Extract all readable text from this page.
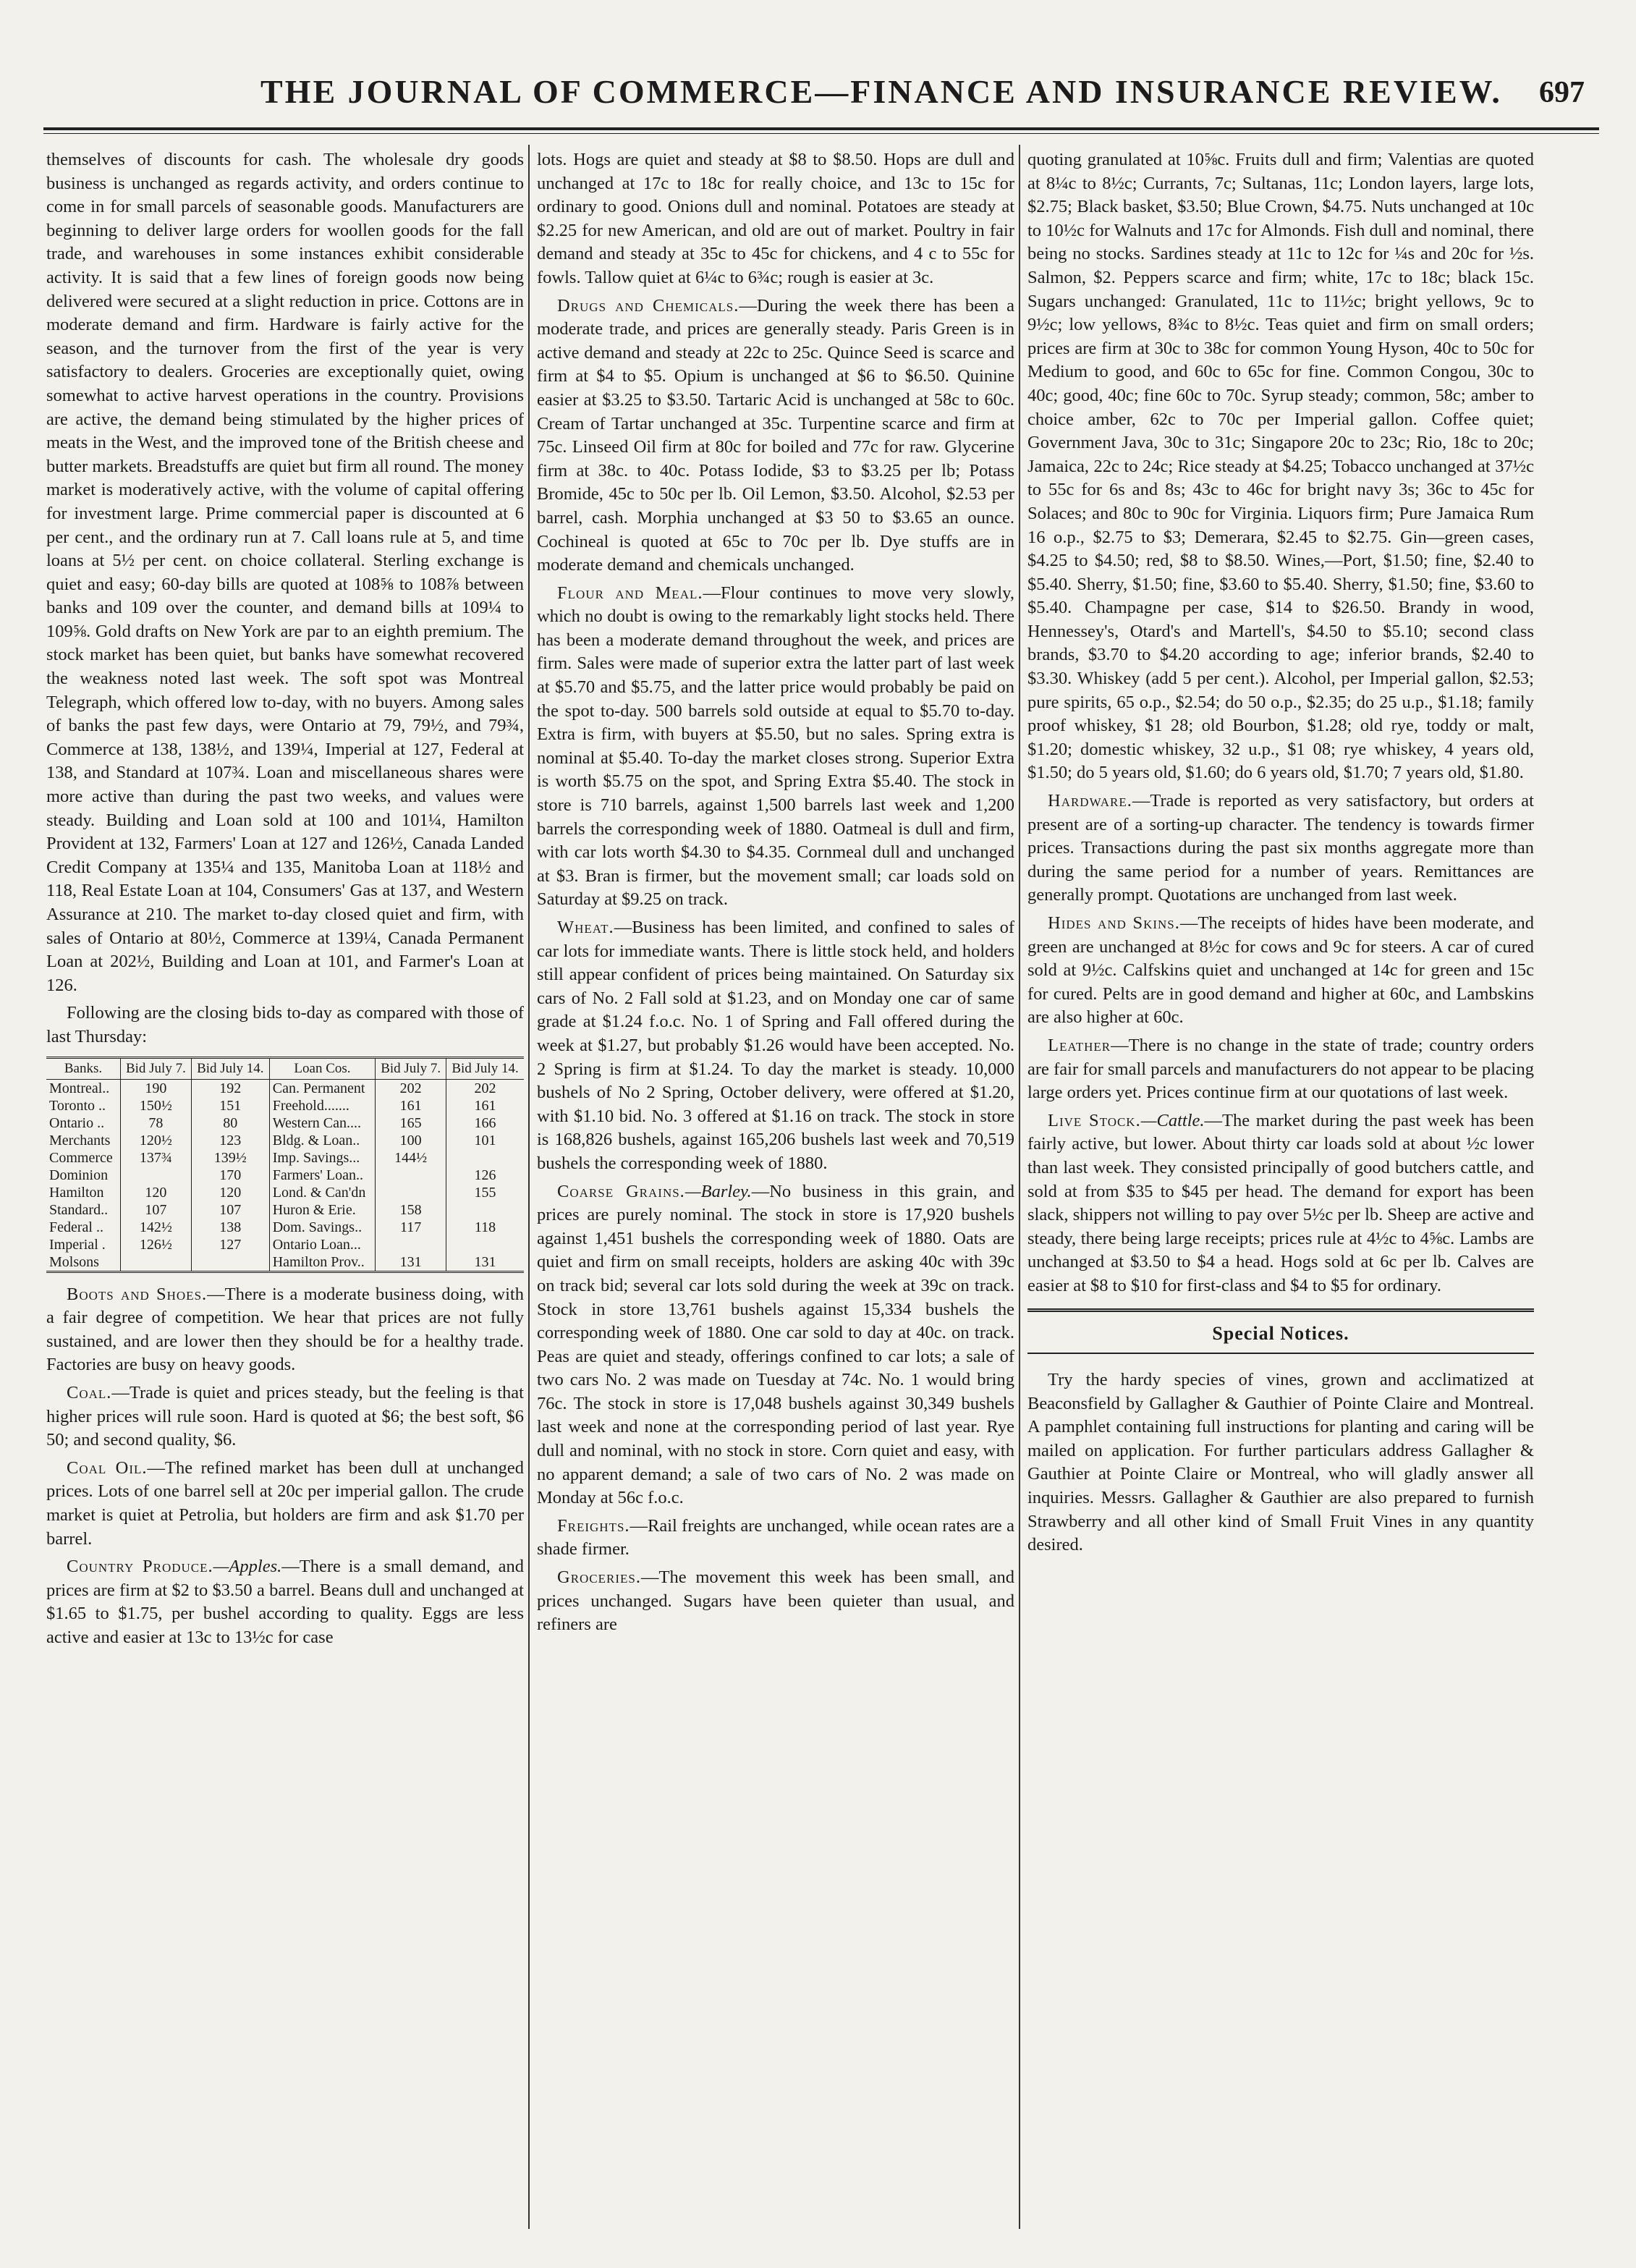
THE JOURNAL OF COMMERCE—FINANCE AND INSURANCE REVIEW. 697

themselves of discounts for cash. The wholesale dry goods business is unchanged as regards activity, and orders continue to come in for small parcels of seasonable goods. Manufacturers are beginning to deliver large orders for woollen goods for the fall trade, and warehouses in some instances exhibit considerable activity. It is said that a few lines of foreign goods now being delivered were secured at a slight reduction in price. Cottons are in moderate demand and firm. Hardware is fairly active for the season, and the turnover from the first of the year is very satisfactory to dealers. Groceries are exceptionally quiet, owing somewhat to active harvest operations in the country. Provisions are active, the demand being stimulated by the higher prices of meats in the West, and the improved tone of the British cheese and butter markets. Breadstuffs are quiet but firm all round. The money market is moderatively active, with the volume of capital offering for investment large. Prime commercial paper is discounted at 6 per cent., and the ordinary run at 7. Call loans rule at 5, and time loans at 5½ per cent. on choice collateral. Sterling exchange is quiet and easy; 60-day bills are quoted at 108⅝ to 108⅞ between banks and 109 over the counter, and demand bills at 109¼ to 109⅝. Gold drafts on New York are par to an eighth premium. The stock market has been quiet, but banks have somewhat recovered the weakness noted last week. The soft spot was Montreal Telegraph, which offered low to-day, with no buyers. Among sales of banks the past few days, were Ontario at 79, 79½, and 79¾, Commerce at 138, 138½, and 139¼, Imperial at 127, Federal at 138, and Standard at 107¾. Loan and miscellaneous shares were more active than during the past two weeks, and values were steady. Building and Loan sold at 100 and 101¼, Hamilton Provident at 132, Farmers' Loan at 127 and 126½, Canada Landed Credit Company at 135¼ and 135, Manitoba Loan at 118½ and 118, Real Estate Loan at 104, Consumers' Gas at 137, and Western Assurance at 210. The market to-day closed quiet and firm, with sales of Ontario at 80½, Commerce at 139¼, Canada Permanent Loan at 202½, Building and Loan at 101, and Farmer's Loan at 126.

Following are the closing bids to-day as compared with those of last Thursday:

Banks.	Bid July 7.	Bid July 14.	Loan Cos.	Bid July 7.	Bid July 14.
Montreal..	190	192	Can. Permanent	202	202
Toronto ..	150½	151	Freehold.......	161	161
Ontario ..	78	80	Western Can....	165	166
Merchants	120½	123	Bldg. & Loan..	100	101
Commerce	137¾	139½	Imp. Savings...	144½	
Dominion		170	Farmers' Loan..		126
Hamilton	120	120	Lond. & Can'dn		155
Standard..	107	107	Huron & Erie.	158	
Federal ..	142½	138	Dom. Savings..	117	118
Imperial .	126½	127	Ontario Loan...		
Molsons			Hamilton Prov..	131	131

Boots and Shoes.—There is a moderate business doing, with a fair degree of competition. We hear that prices are not fully sustained, and are lower then they should be for a healthy trade. Factories are busy on heavy goods.

Coal.—Trade is quiet and prices steady, but the feeling is that higher prices will rule soon. Hard is quoted at $6; the best soft, $6 50; and second quality, $6.

Coal Oil.—The refined market has been dull at unchanged prices. Lots of one barrel sell at 20c per imperial gallon. The crude market is quiet at Petrolia, but holders are firm and ask $1.70 per barrel.

Country Produce.—Apples.—There is a small demand, and prices are firm at $2 to $3.50 a barrel. Beans dull and unchanged at $1.65 to $1.75, per bushel according to quality. Eggs are less active and easier at 13c to 13½c for case

lots. Hogs are quiet and steady at $8 to $8.50. Hops are dull and unchanged at 17c to 18c for really choice, and 13c to 15c for ordinary to good. Onions dull and nominal. Potatoes are steady at $2.25 for new American, and old are out of market. Poultry in fair demand and steady at 35c to 45c for chickens, and 4 c to 55c for fowls. Tallow quiet at 6¼c to 6¾c; rough is easier at 3c.

Drugs and Chemicals.—During the week there has been a moderate trade, and prices are generally steady. Paris Green is in active demand and steady at 22c to 25c. Quince Seed is scarce and firm at $4 to $5. Opium is unchanged at $6 to $6.50. Quinine easier at $3.25 to $3.50. Tartaric Acid is unchanged at 58c to 60c. Cream of Tartar unchanged at 35c. Turpentine scarce and firm at 75c. Linseed Oil firm at 80c for boiled and 77c for raw. Glycerine firm at 38c. to 40c. Potass Iodide, $3 to $3.25 per lb; Potass Bromide, 45c to 50c per lb. Oil Lemon, $3.50. Alcohol, $2.53 per barrel, cash. Morphia unchanged at $3 50 to $3.65 an ounce. Cochineal is quoted at 65c to 70c per lb. Dye stuffs are in moderate demand and chemicals unchanged.

Flour and Meal.—Flour continues to move very slowly, which no doubt is owing to the remarkably light stocks held. There has been a moderate demand throughout the week, and prices are firm. Sales were made of superior extra the latter part of last week at $5.70 and $5.75, and the latter price would probably be paid on the spot to-day. 500 barrels sold outside at equal to $5.70 to-day. Extra is firm, with buyers at $5.50, but no sales. Spring extra is nominal at $5.40. To-day the market closes strong. Superior Extra is worth $5.75 on the spot, and Spring Extra $5.40. The stock in store is 710 barrels, against 1,500 barrels last week and 1,200 barrels the corresponding week of 1880. Oatmeal is dull and firm, with car lots worth $4.30 to $4.35. Cornmeal dull and unchanged at $3. Bran is firmer, but the movement small; car loads sold on Saturday at $9.25 on track.

Wheat.—Business has been limited, and confined to sales of car lots for immediate wants. There is little stock held, and holders still appear confident of prices being maintained. On Saturday six cars of No. 2 Fall sold at $1.23, and on Monday one car of same grade at $1.24 f.o.c. No. 1 of Spring and Fall offered during the week at $1.27, but probably $1.26 would have been accepted. No. 2 Spring is firm at $1.24. To day the market is steady. 10,000 bushels of No 2 Spring, October delivery, were offered at $1.20, with $1.10 bid. No. 3 offered at $1.16 on track. The stock in store is 168,826 bushels, against 165,206 bushels last week and 70,519 bushels the corresponding week of 1880.

Coarse Grains.—Barley.—No business in this grain, and prices are purely nominal. The stock in store is 17,920 bushels against 1,451 bushels the corresponding week of 1880. Oats are quiet and firm on small receipts, holders are asking 40c with 39c on track bid; several car lots sold during the week at 39c on track. Stock in store 13,761 bushels against 15,334 bushels the corresponding week of 1880. One car sold to day at 40c. on track. Peas are quiet and steady, offerings confined to car lots; a sale of two cars No. 2 was made on Tuesday at 74c. No. 1 would bring 76c. The stock in store is 17,048 bushels against 30,349 bushels last week and none at the corresponding period of last year. Rye dull and nominal, with no stock in store. Corn quiet and easy, with no apparent demand; a sale of two cars of No. 2 was made on Monday at 56c f.o.c.

Freights.—Rail freights are unchanged, while ocean rates are a shade firmer.

Groceries.—The movement this week has been small, and prices unchanged. Sugars have been quieter than usual, and refiners are

quoting granulated at 10⅝c. Fruits dull and firm; Valentias are quoted at 8¼c to 8½c; Currants, 7c; Sultanas, 11c; London layers, large lots, $2.75; Black basket, $3.50; Blue Crown, $4.75. Nuts unchanged at 10c to 10½c for Walnuts and 17c for Almonds. Fish dull and nominal, there being no stocks. Sardines steady at 11c to 12c for ¼s and 20c for ½s. Salmon, $2. Peppers scarce and firm; white, 17c to 18c; black 15c. Sugars unchanged: Granulated, 11c to 11½c; bright yellows, 9c to 9½c; low yellows, 8¾c to 8½c. Teas quiet and firm on small orders; prices are firm at 30c to 38c for common Young Hyson, 40c to 50c for Medium to good, and 60c to 65c for fine. Common Congou, 30c to 40c; good, 40c; fine 60c to 70c. Syrup steady; common, 58c; amber to choice amber, 62c to 70c per Imperial gallon. Coffee quiet; Government Java, 30c to 31c; Singapore 20c to 23c; Rio, 18c to 20c; Jamaica, 22c to 24c; Rice steady at $4.25; Tobacco unchanged at 37½c to 55c for 6s and 8s; 43c to 46c for bright navy 3s; 36c to 45c for Solaces; and 80c to 90c for Virginia. Liquors firm; Pure Jamaica Rum 16 o.p., $2.75 to $3; Demerara, $2.45 to $2.75. Gin—green cases, $4.25 to $4.50; red, $8 to $8.50. Wines,—Port, $1.50; fine, $2.40 to $5.40. Sherry, $1.50; fine, $3.60 to $5.40. Sherry, $1.50; fine, $3.60 to $5.40. Champagne per case, $14 to $26.50. Brandy in wood, Hennessey's, Otard's and Martell's, $4.50 to $5.10; second class brands, $3.70 to $4.20 according to age; inferior brands, $2.40 to $3.30. Whiskey (add 5 per cent.). Alcohol, per Imperial gallon, $2.53; pure spirits, 65 o.p., $2.54; do 50 o.p., $2.35; do 25 u.p., $1.18; family proof whiskey, $1 28; old Bourbon, $1.28; old rye, toddy or malt, $1.20; domestic whiskey, 32 u.p., $1 08; rye whiskey, 4 years old, $1.50; do 5 years old, $1.60; do 6 years old, $1.70; 7 years old, $1.80.

Hardware.—Trade is reported as very satisfactory, but orders at present are of a sorting-up character. The tendency is towards firmer prices. Transactions during the past six months aggregate more than during the same period for a number of years. Remittances are generally prompt. Quotations are unchanged from last week.

Hides and Skins.—The receipts of hides have been moderate, and green are unchanged at 8½c for cows and 9c for steers. A car of cured sold at 9½c. Calfskins quiet and unchanged at 14c for green and 15c for cured. Pelts are in good demand and higher at 60c, and Lambskins are also higher at 60c.

Leather—There is no change in the state of trade; country orders are fair for small parcels and manufacturers do not appear to be placing large orders yet. Prices continue firm at our quotations of last week.

Live Stock.—Cattle.—The market during the past week has been fairly active, but lower. About thirty car loads sold at about ½c lower than last week. They consisted principally of good butchers cattle, and sold at from $35 to $45 per head. The demand for export has been slack, shippers not willing to pay over 5½c per lb. Sheep are active and steady, there being large receipts; prices rule at 4½c to 4⅝c. Lambs are unchanged at $3.50 to $4 a head. Hogs sold at 6c per lb. Calves are easier at $8 to $10 for first-class and $4 to $5 for ordinary.

Special Notices.

Try the hardy species of vines, grown and acclimatized at Beaconsfield by Gallagher & Gauthier of Pointe Claire and Montreal. A pamphlet containing full instructions for planting and caring will be mailed on application. For further particulars address Gallagher & Gauthier at Pointe Claire or Montreal, who will gladly answer all inquiries. Messrs. Gallagher & Gauthier are also prepared to furnish Strawberry and all other kind of Small Fruit Vines in any quantity desired.
